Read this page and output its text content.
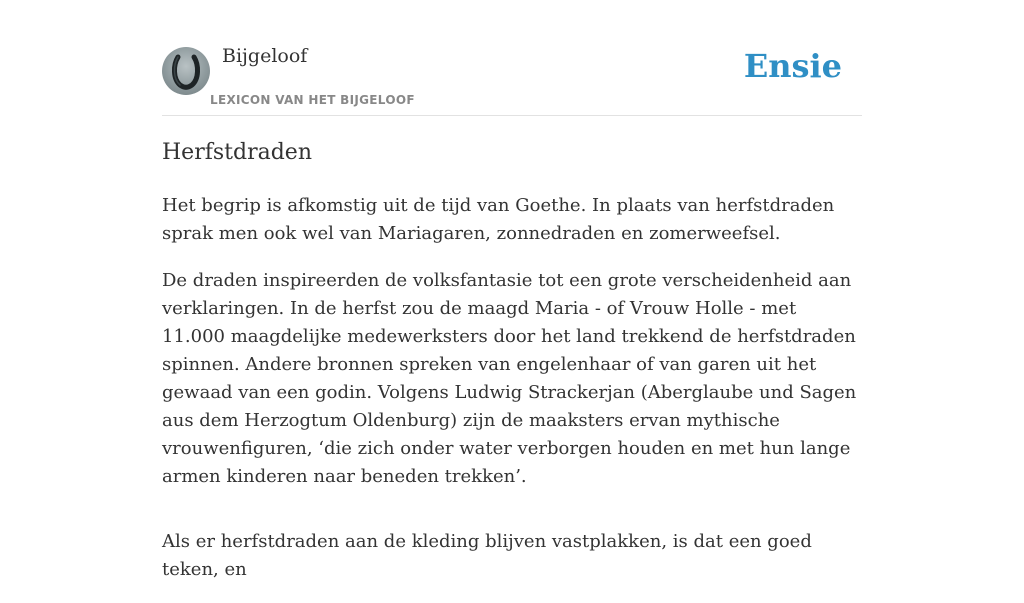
Bijgeloof
LEXICON VAN HET BIJGELOOF
Ensie
Herfstdraden

Het begrip is afkomstig uit de tijd van Goethe. In plaats van herfstdraden sprak men ook wel van Mariagaren, zonnedraden en zomerweefsel.

De draden inspireerden de volksfantasie tot een grote verscheidenheid aan verklaringen. In de herfst zou de maagd Maria - of Vrouw Holle - met 11.000 maagdelijke medewerksters door het land trekkend de herfstdraden spinnen. Andere bronnen spreken van engelenhaar of van garen uit het gewaad van een godin. Volgens Ludwig Strackerjan (Aberglaube und Sagen aus dem Herzogtum Oldenburg) zijn de maaksters ervan mythische vrouwenfiguren, ‘die zich onder water verborgen houden en met hun lange armen kinderen naar beneden trekken’.

Als er herfstdraden aan de kleding blijven vastplakken, is dat een goed teken, en
